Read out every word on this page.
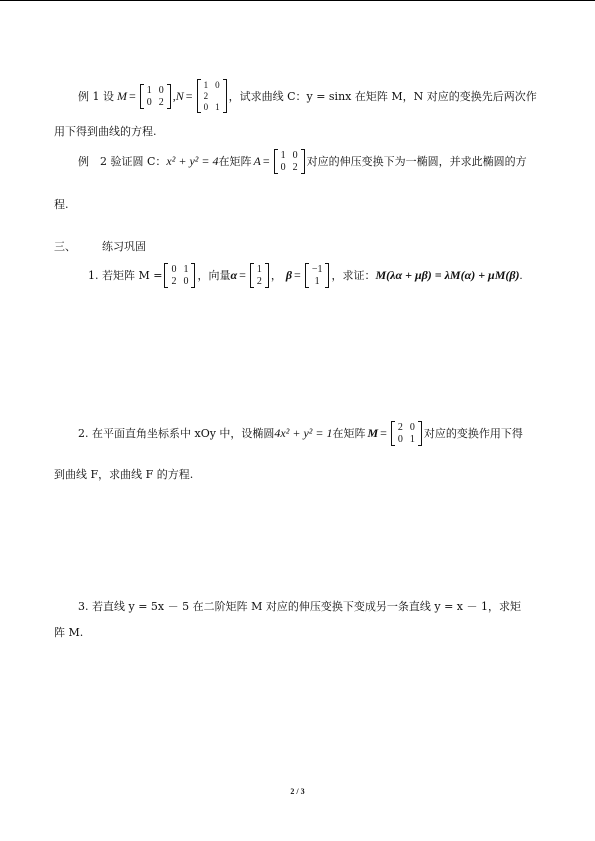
例 1 设 M = 1 0
0 2 , N =
1 0
2
0 1
，试求曲线 C：y = sinx 在矩阵 M，N 对应的变换先后两次作
用下得到曲线的方程.
例　2 验证圆 C： x² + y² = 4 在矩阵 A = 1 0
0 2 对应的伸压变换下为一椭圆，并求此椭圆的方
程.
三、 练习巩固
1. 若矩阵 M = 0 1
2 0 ，向量 α = 1
2 ， β = −1
1 ，求证： M(λα + μβ) = λM(α) + μM(β) .
2. 在平面直角坐标系中 xOy 中，设椭圆 4x² + y² = 1 在矩阵 M = 2 0
0 1 对应的变换作用下得
到曲线 F，求曲线 F 的方程.
3. 若直线 y = 5x － 5 在二阶矩阵 M 对应的伸压变换下变成另一条直线 y = x － 1，求矩
阵 M.
2 / 3
